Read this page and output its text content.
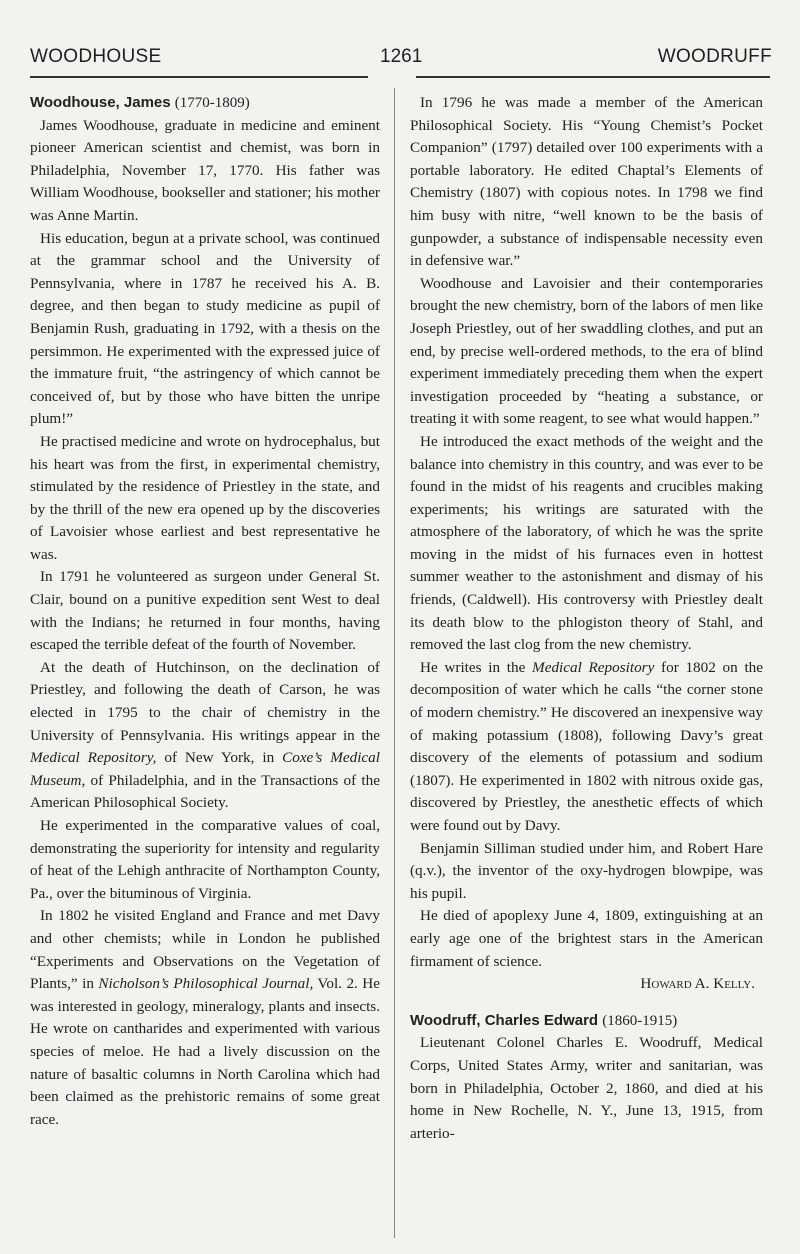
WOODHOUSE	1261	WOODRUFF

Woodhouse, James (1770-1809)

James Woodhouse, graduate in medicine and eminent pioneer American scientist and chemist, was born in Philadelphia, November 17, 1770. His father was William Woodhouse, bookseller and stationer; his mother was Anne Martin.

His education, begun at a private school, was continued at the grammar school and the University of Pennsylvania, where in 1787 he received his A. B. degree, and then began to study medicine as pupil of Benjamin Rush, graduating in 1792, with a thesis on the persimmon. He experimented with the expressed juice of the immature fruit, “the astringency of which cannot be conceived of, but by those who have bitten the unripe plum!”

He practised medicine and wrote on hydrocephalus, but his heart was from the first, in experimental chemistry, stimulated by the residence of Priestley in the state, and by the thrill of the new era opened up by the discoveries of Lavoisier whose earliest and best representative he was.

In 1791 he volunteered as surgeon under General St. Clair, bound on a punitive expedition sent West to deal with the Indians; he returned in four months, having escaped the terrible defeat of the fourth of November.

At the death of Hutchinson, on the declination of Priestley, and following the death of Carson, he was elected in 1795 to the chair of chemistry in the University of Pennsylvania. His writings appear in the Medical Repository, of New York, in Coxe’s Medical Museum, of Philadelphia, and in the Transactions of the American Philosophical Society.

He experimented in the comparative values of coal, demonstrating the superiority for intensity and regularity of heat of the Lehigh anthracite of Northampton County, Pa., over the bituminous of Virginia.

In 1802 he visited England and France and met Davy and other chemists; while in London he published “Experiments and Observations on the Vegetation of Plants,” in Nicholson’s Philosophical Journal, Vol. 2. He was interested in geology, mineralogy, plants and insects. He wrote on cantharides and experimented with various species of meloe. He had a lively discussion on the nature of basaltic columns in North Carolina which had been claimed as the prehistoric remains of some great race.

In 1796 he was made a member of the American Philosophical Society. His “Young Chemist’s Pocket Companion” (1797) detailed over 100 experiments with a portable laboratory. He edited Chaptal’s Elements of Chemistry (1807) with copious notes. In 1798 we find him busy with nitre, “well known to be the basis of gunpowder, a substance of indispensable necessity even in defensive war.”

Woodhouse and Lavoisier and their contemporaries brought the new chemistry, born of the labors of men like Joseph Priestley, out of her swaddling clothes, and put an end, by precise well-ordered methods, to the era of blind experiment immediately preceding them when the expert investigation proceeded by “heating a substance, or treating it with some reagent, to see what would happen.”

He introduced the exact methods of the weight and the balance into chemistry in this country, and was ever to be found in the midst of his reagents and crucibles making experiments; his writings are saturated with the atmosphere of the laboratory, of which he was the sprite moving in the midst of his furnaces even in hottest summer weather to the astonishment and dismay of his friends, (Caldwell). His controversy with Priestley dealt its death blow to the phlogiston theory of Stahl, and removed the last clog from the new chemistry.

He writes in the Medical Repository for 1802 on the decomposition of water which he calls “the corner stone of modern chemistry.” He discovered an inexpensive way of making potassium (1808), following Davy’s great discovery of the elements of potassium and sodium (1807). He experimented in 1802 with nitrous oxide gas, discovered by Priestley, the anesthetic effects of which were found out by Davy.

Benjamin Silliman studied under him, and Robert Hare (q.v.), the inventor of the oxy-hydrogen blowpipe, was his pupil.

He died of apoplexy June 4, 1809, extinguishing at an early age one of the brightest stars in the American firmament of science.

Howard A. Kelly.

Woodruff, Charles Edward (1860-1915)

Lieutenant Colonel Charles E. Woodruff, Medical Corps, United States Army, writer and sanitarian, was born in Philadelphia, October 2, 1860, and died at his home in New Rochelle, N. Y., June 13, 1915, from arterio-
